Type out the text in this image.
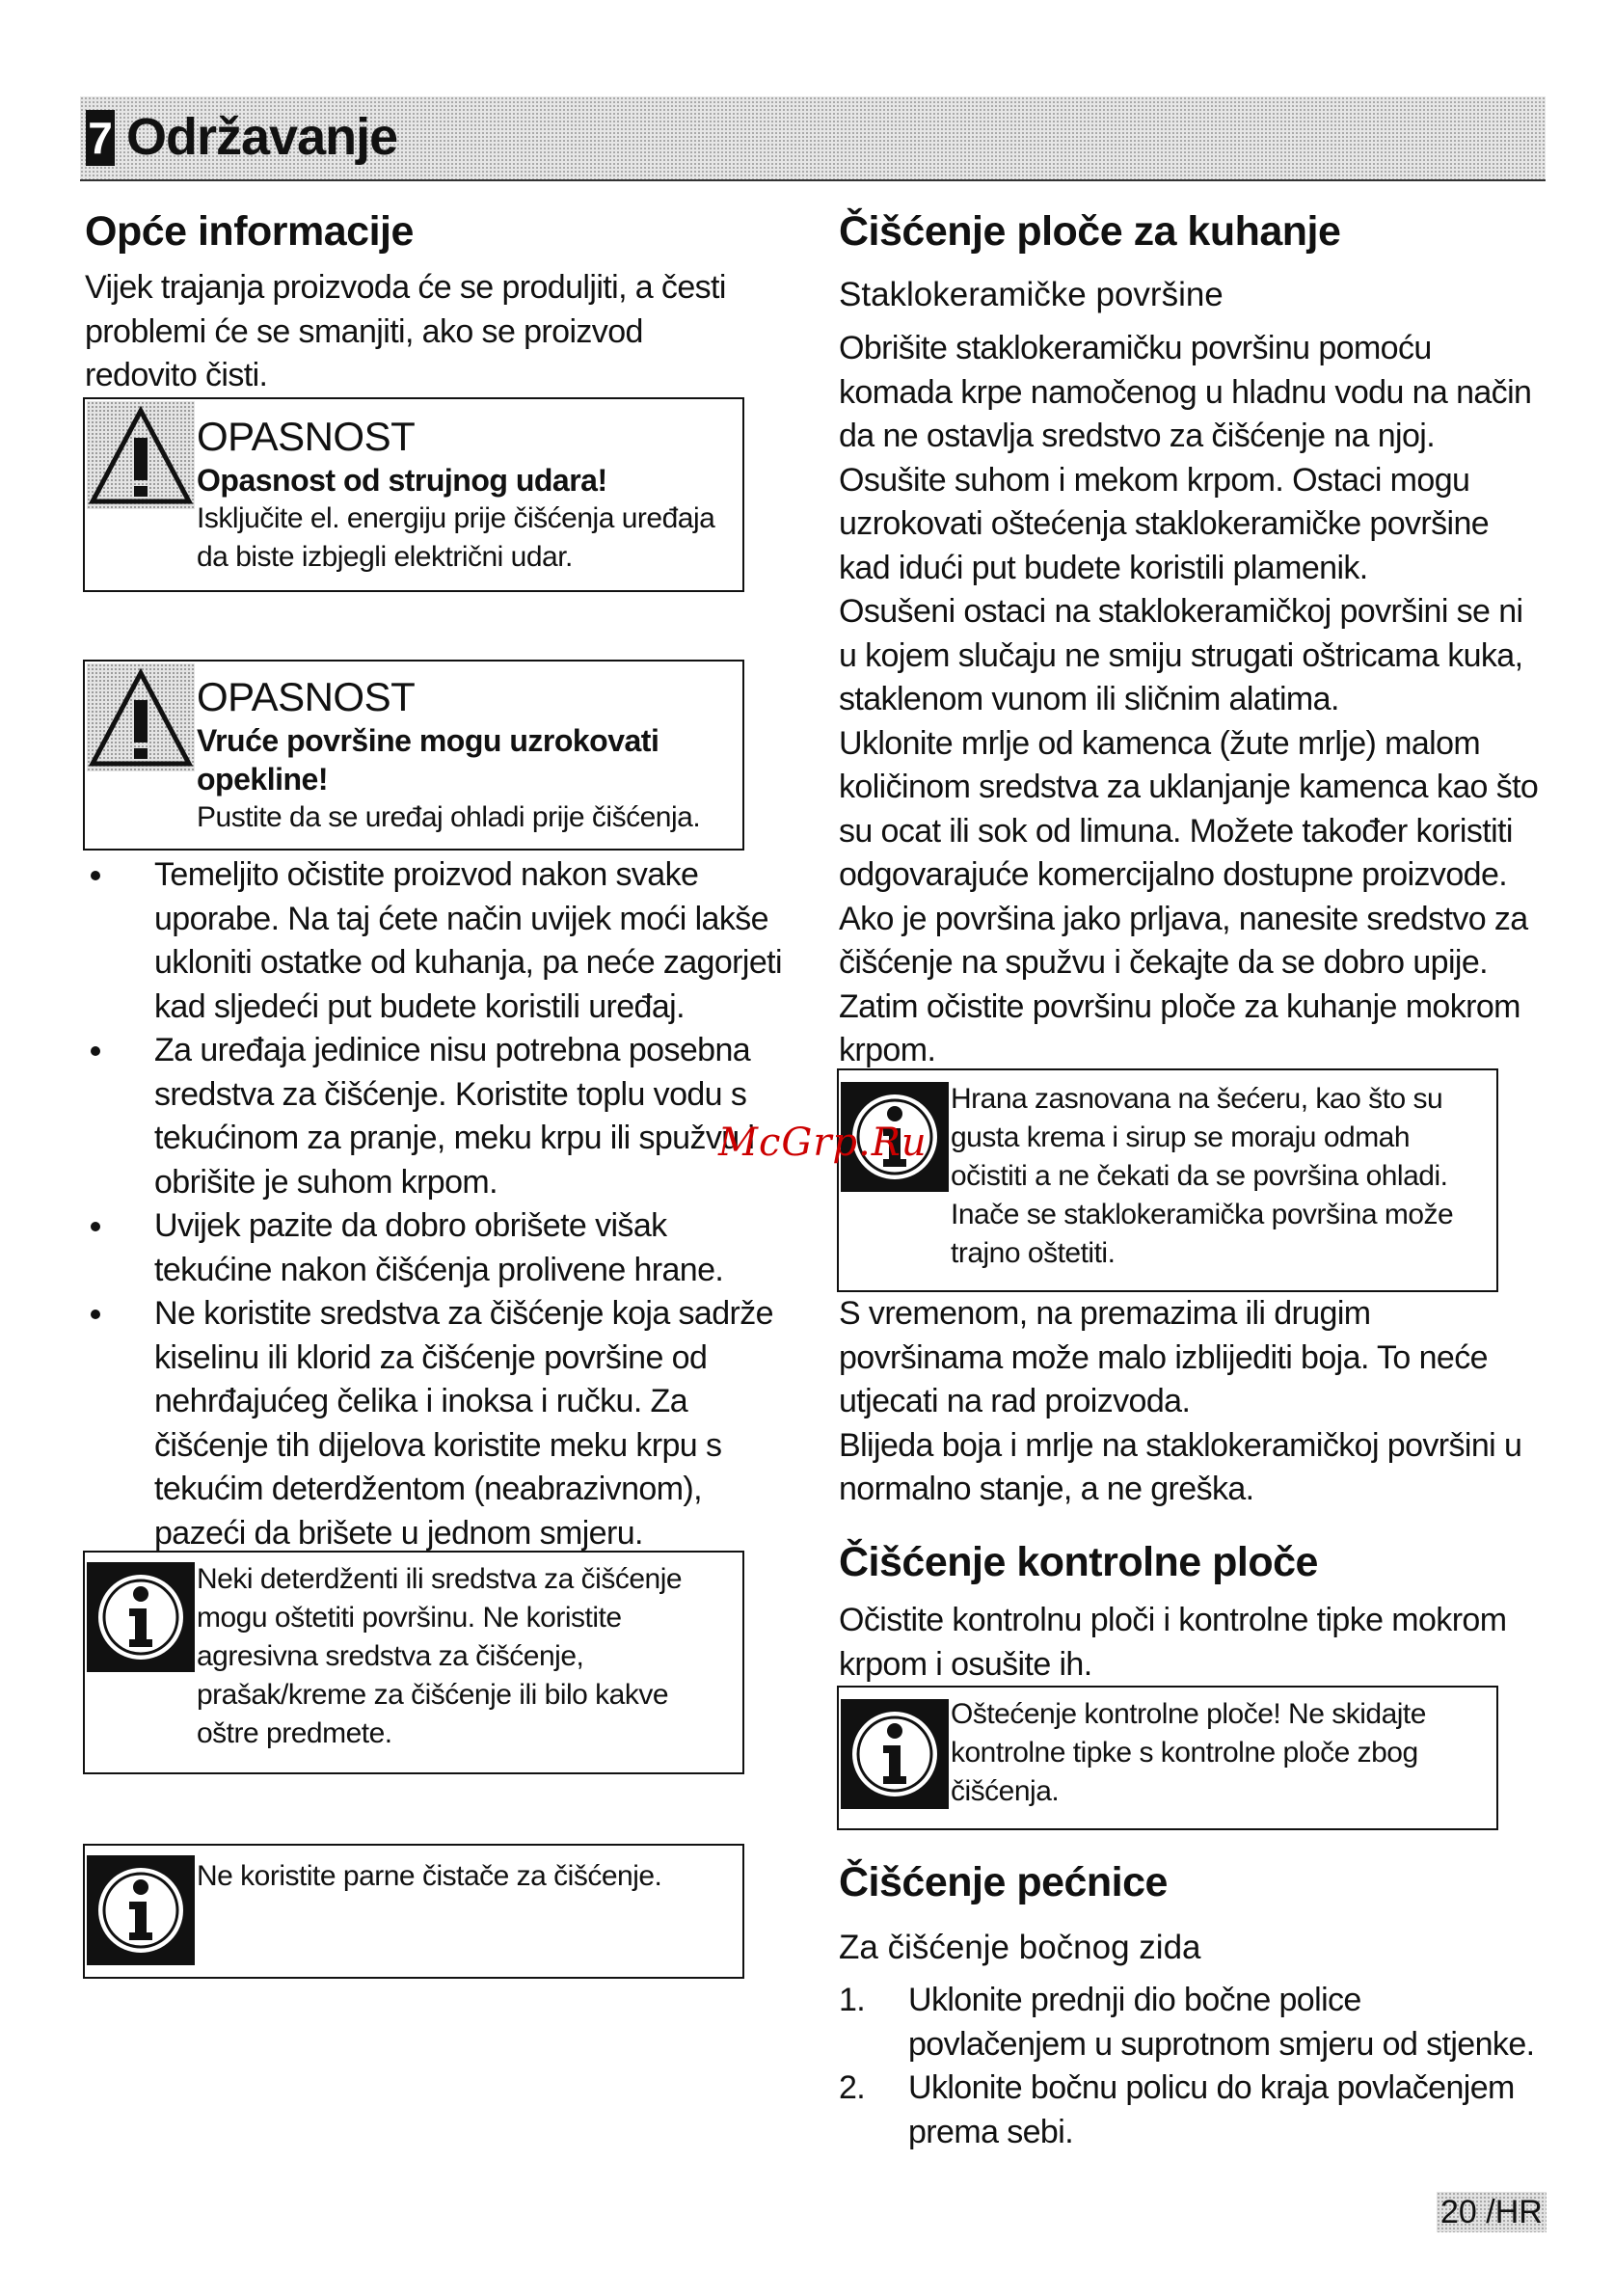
7 Održavanje
Opće informacije

Vijek trajanja proizvoda će se produljiti, a česti problemi će se smanjiti, ako se proizvod redovito čisti.

OPASNOST
Opasnost od strujnog udara!
Isključite el. energiju prije čišćenja uređaja da biste izbjegli električni udar.
OPASNOST
Vruće površine mogu uzrokovati opekline!
Pustite da se uređaj ohladi prije čišćenja.
Temeljito očistite proizvod nakon svake uporabe. Na taj ćete način uvijek moći lakše ukloniti ostatke od kuhanja, pa neće zagorjeti kad sljedeći put budete koristili uređaj.
Za uređaja jedinice nisu potrebna posebna sredstva za čišćenje. Koristite toplu vodu s tekućinom za pranje, meku krpu ili spužvu i obrišite je suhom krpom.
Uvijek pazite da dobro obrišete višak tekućine nakon čišćenja prolivene hrane.
Ne koristite sredstva za čišćenje koja sadrže kiselinu ili klorid za čišćenje površine od nehrđajućeg čelika i inoksa i ručku. Za čišćenje tih dijelova koristite meku krpu s tekućim deterdžentom (neabrazivnom), pazeći da brišete u jednom smjeru.
Neki deterdženti ili sredstva za čišćenje mogu oštetiti površinu. Ne koristite agresivna sredstva za čišćenje, prašak/kreme za čišćenje ili bilo kakve oštre predmete.
Ne koristite parne čistače za čišćenje.
Čišćenje ploče za kuhanje
Staklokeramičke površine

Obrišite staklokeramičku površinu pomoću komada krpe namočenog u hladnu vodu na način da ne ostavlja sredstvo za čišćenje na njoj. Osušite suhom i mekom krpom. Ostaci mogu uzrokovati oštećenja staklokeramičke površine kad idući put budete koristili plamenik.

Osušeni ostaci na staklokeramičkoj površini se ni u kojem slučaju ne smiju strugati oštricama kuka, staklenom vunom ili sličnim alatima.

Uklonite mrlje od kamenca (žute mrlje) malom količinom sredstva za uklanjanje kamenca kao što su ocat ili sok od limuna. Možete također koristiti odgovarajuće komercijalno dostupne proizvode.

Ako je površina jako prljava, nanesite sredstvo za čišćenje na spužvu i čekajte da se dobro upije. Zatim očistite površinu ploče za kuhanje mokrom krpom.

Hrana zasnovana na šećeru, kao što su gusta krema i sirup se moraju odmah očistiti a ne čekati da se površina ohladi. Inače se staklokeramička površina može trajno oštetiti.

S vremenom, na premazima ili drugim površinama može malo izblijediti boja. To neće utjecati na rad proizvoda.

Blijeda boja i mrlje na staklokeramičkoj površini u normalno stanje, a ne greška.

Čišćenje kontrolne ploče

Očistite kontrolnu ploči i kontrolne tipke mokrom krpom i osušite ih.

Oštećenje kontrolne ploče! Ne skidajte kontrolne tipke s kontrolne ploče zbog čišćenja.
Čišćenje pećnice
Za čišćenje bočnog zida
1. Uklonite prednji dio bočne police povlačenjem u suprotnom smjeru od stjenke.
2. Uklonite bočnu policu do kraja povlačenjem prema sebi.
McGrp.Ru
20 /HR
